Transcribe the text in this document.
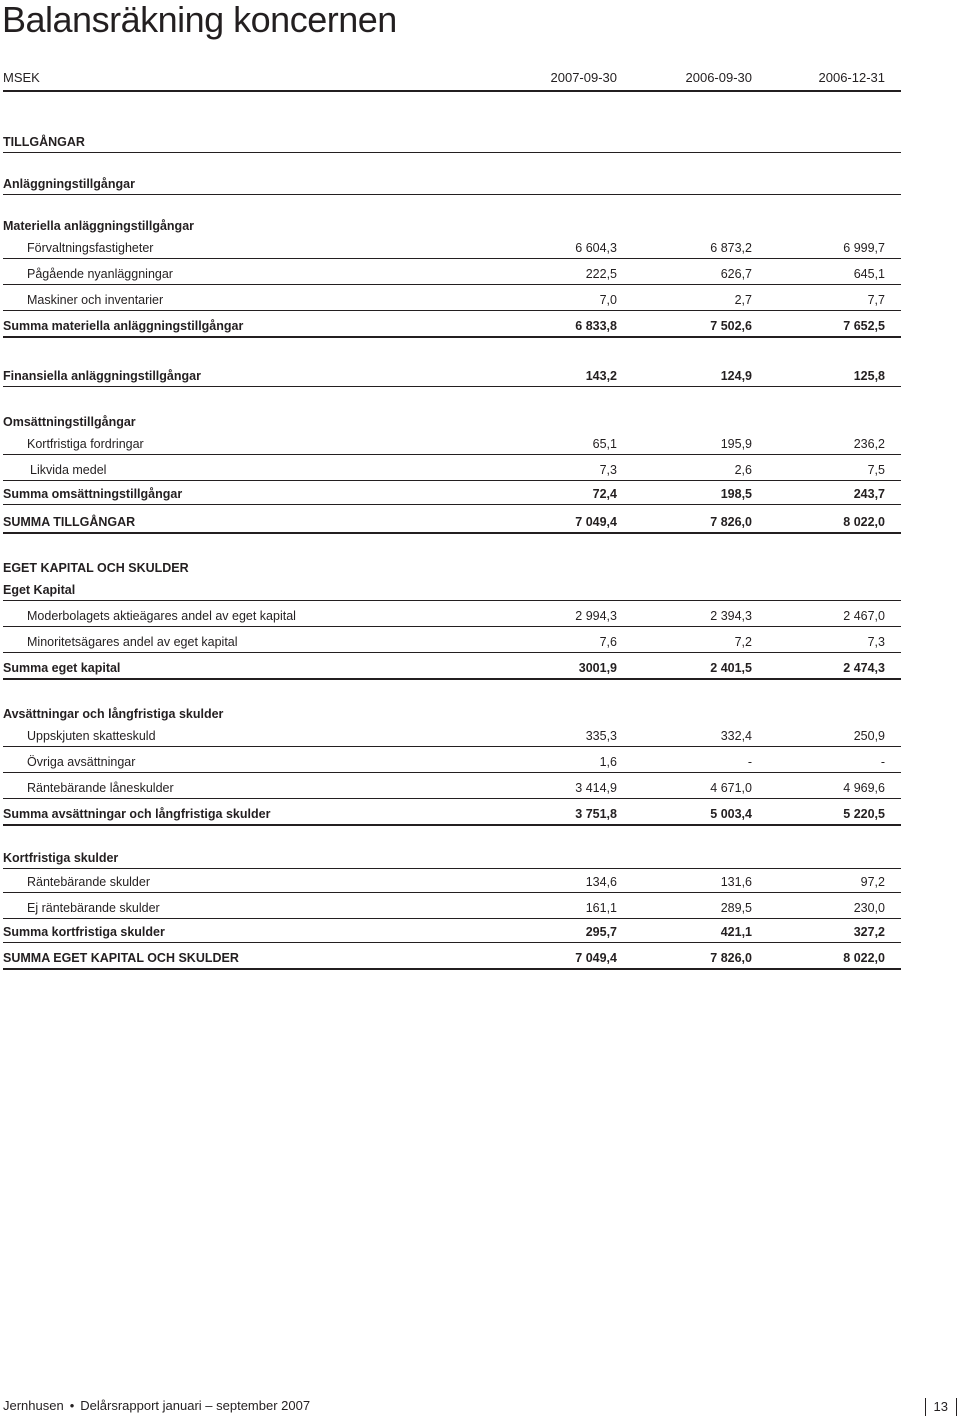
Balansräkning koncernen
MSEK	2007-09-30	2006-09-30	2006-12-31
TILLGÅNGAR
Anläggningstillgångar
Materiella anläggningstillgångar
Förvaltningsfastigheter	6 604,3	6 873,2	6 999,7
Pågående nyanläggningar	222,5	626,7	645,1
Maskiner och inventarier	7,0	2,7	7,7
Summa materiella anläggningstillgångar	6 833,8	7 502,6	7 652,5
Finansiella anläggningstillgångar	143,2	124,9	125,8
Omsättningstillgångar
Kortfristiga fordringar	65,1	195,9	236,2
Likvida medel	7,3	2,6	7,5
Summa omsättningstillgångar	72,4	198,5	243,7
SUMMA TILLGÅNGAR	7 049,4	7 826,0	8 022,0
EGET KAPITAL OCH SKULDER
Eget Kapital
Moderbolagets aktieägares andel av eget kapital	2 994,3	2 394,3	2 467,0
Minoritetsägares andel av eget kapital	7,6	7,2	7,3
Summa eget kapital	3001,9	2 401,5	2 474,3
Avsättningar och långfristiga skulder
Uppskjuten skatteskuld	335,3	332,4	250,9
Övriga avsättningar	1,6	-	-
Räntebärande låneskulder	3 414,9	4 671,0	4 969,6
Summa avsättningar och långfristiga skulder	3 751,8	5 003,4	5 220,5
Kortfristiga skulder
Räntebärande skulder	134,6	131,6	97,2
Ej räntebärande skulder	161,1	289,5	230,0
Summa kortfristiga skulder	295,7	421,1	327,2
SUMMA EGET KAPITAL OCH SKULDER	7 049,4	7 826,0	8 022,0
Jernhusen • Delårsrapport januari – september 2007	13
